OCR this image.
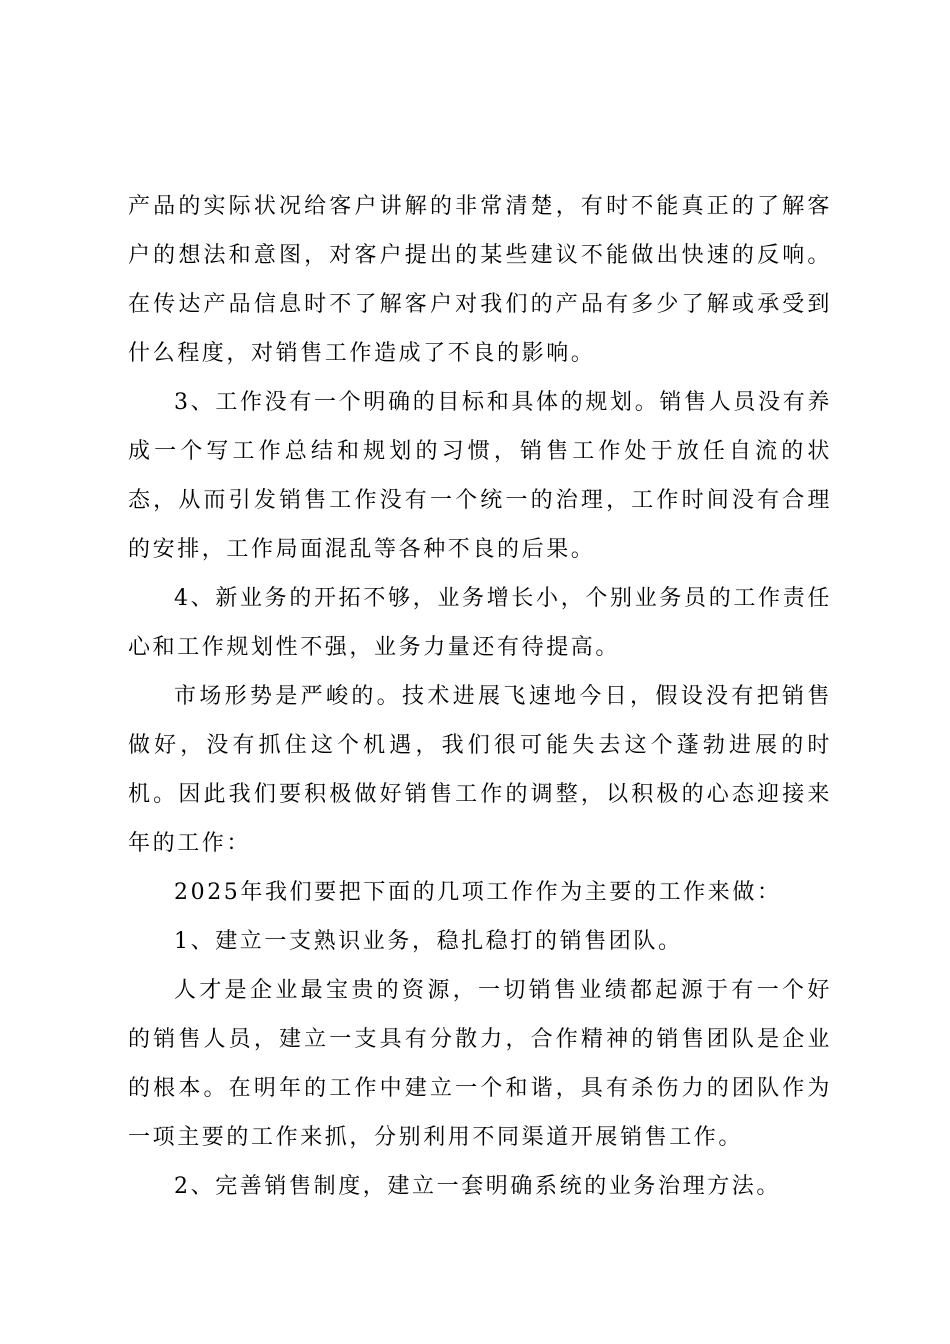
产品的实际状况给客户讲解的非常清楚，有时不能真正的了解客户的想法和意图，对客户提出的某些建议不能做出快速的反响。在传达产品信息时不了解客户对我们的产品有多少了解或承受到什么程度，对销售工作造成了不良的影响。

3、工作没有一个明确的目标和具体的规划。销售人员没有养成一个写工作总结和规划的习惯，销售工作处于放任自流的状态，从而引发销售工作没有一个统一的治理，工作时间没有合理的安排，工作局面混乱等各种不良的后果。

4、新业务的开拓不够，业务增长小，个别业务员的工作责任心和工作规划性不强，业务力量还有待提高。

市场形势是严峻的。技术进展飞速地今日，假设没有把销售做好，没有抓住这个机遇，我们很可能失去这个蓬勃进展的时机。因此我们要积极做好销售工作的调整，以积极的心态迎接来年的工作：

2025年我们要把下面的几项工作作为主要的工作来做：

1、建立一支熟识业务，稳扎稳打的销售团队。

人才是企业最宝贵的资源，一切销售业绩都起源于有一个好的销售人员，建立一支具有分散力，合作精神的销售团队是企业的根本。在明年的工作中建立一个和谐，具有杀伤力的团队作为一项主要的工作来抓，分别利用不同渠道开展销售工作。

2、完善销售制度，建立一套明确系统的业务治理方法。
